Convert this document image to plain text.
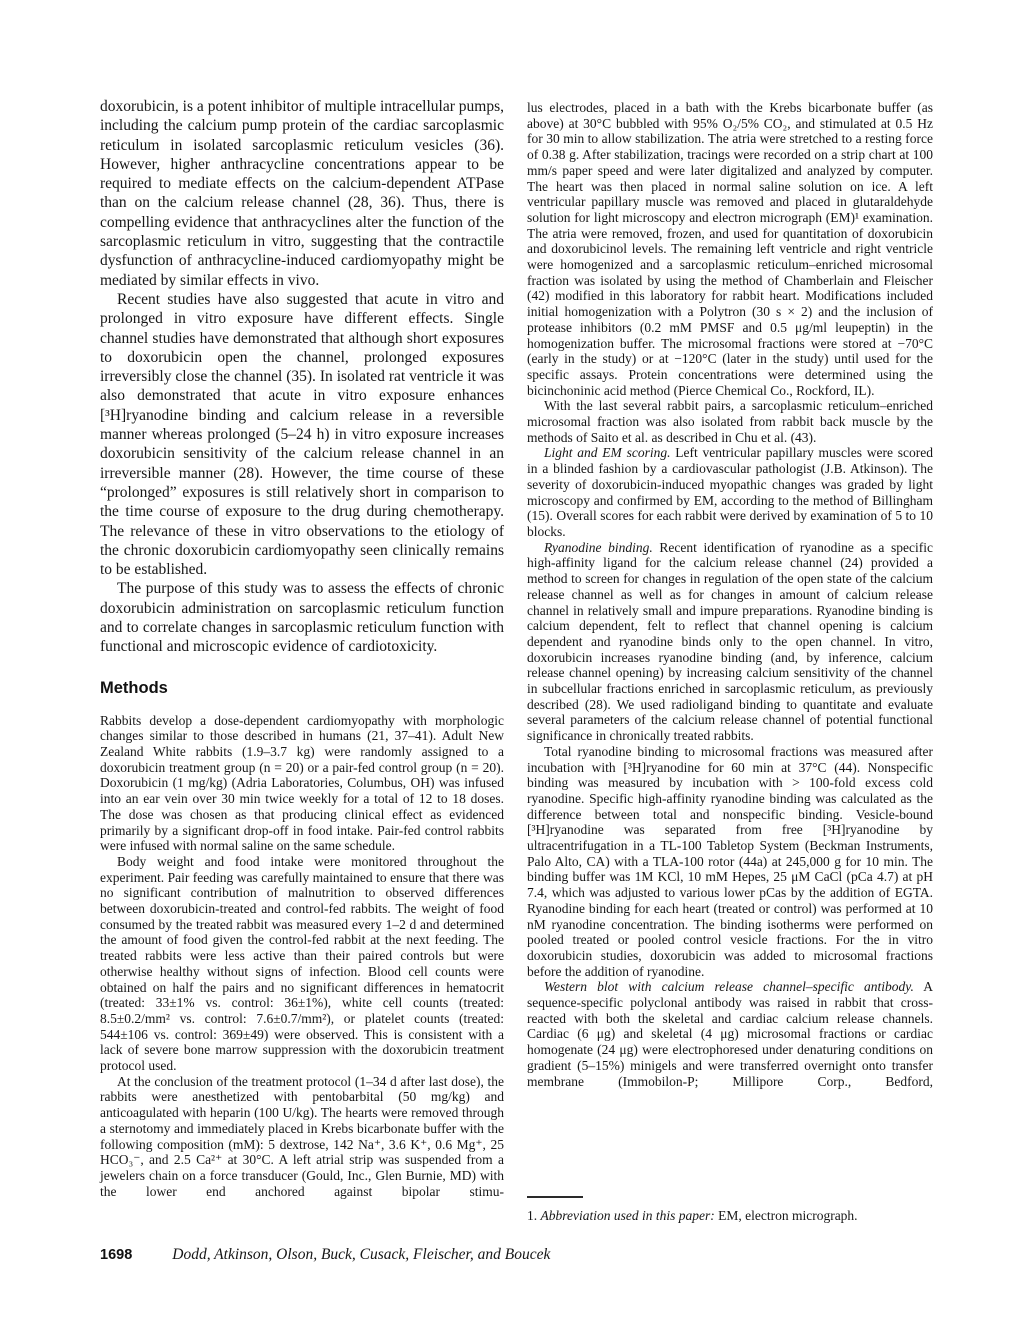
doxorubicin, is a potent inhibitor of multiple intracellular pumps, including the calcium pump protein of the cardiac sarcoplasmic reticulum in isolated sarcoplasmic reticulum vesicles (36). However, higher anthracycline concentrations appear to be required to mediate effects on the calcium-dependent ATPase than on the calcium release channel (28, 36). Thus, there is compelling evidence that anthracyclines alter the function of the sarcoplasmic reticulum in vitro, suggesting that the contractile dysfunction of anthracycline-induced cardiomyopathy might be mediated by similar effects in vivo.

Recent studies have also suggested that acute in vitro and prolonged in vitro exposure have different effects. Single channel studies have demonstrated that although short exposures to doxorubicin open the channel, prolonged exposures irreversibly close the channel (35). In isolated rat ventricle it was also demonstrated that acute in vitro exposure enhances [³H]ryanodine binding and calcium release in a reversible manner whereas prolonged (5–24 h) in vitro exposure increases doxorubicin sensitivity of the calcium release channel in an irreversible manner (28). However, the time course of these “prolonged” exposures is still relatively short in comparison to the time course of exposure to the drug during chemotherapy. The relevance of these in vitro observations to the etiology of the chronic doxorubicin cardiomyopathy seen clinically remains to be established.

The purpose of this study was to assess the effects of chronic doxorubicin administration on sarcoplasmic reticulum function and to correlate changes in sarcoplasmic reticulum function with functional and microscopic evidence of cardiotoxicity.

Methods

Rabbits develop a dose-dependent cardiomyopathy with morphologic changes similar to those described in humans (21, 37–41). Adult New Zealand White rabbits (1.9–3.7 kg) were randomly assigned to a doxorubicin treatment group (n = 20) or a pair-fed control group (n = 20). Doxorubicin (1 mg/kg) (Adria Laboratories, Columbus, OH) was infused into an ear vein over 30 min twice weekly for a total of 12 to 18 doses. The dose was chosen as that producing clinical effect as evidenced primarily by a significant drop-off in food intake. Pair-fed control rabbits were infused with normal saline on the same schedule.

Body weight and food intake were monitored throughout the experiment. Pair feeding was carefully maintained to ensure that there was no significant contribution of malnutrition to observed differences between doxorubicin-treated and control-fed rabbits. The weight of food consumed by the treated rabbit was measured every 1–2 d and determined the amount of food given the control-fed rabbit at the next feeding. The treated rabbits were less active than their paired controls but were otherwise healthy without signs of infection. Blood cell counts were obtained on half the pairs and no significant differences in hematocrit (treated: 33±1% vs. control: 36±1%), white cell counts (treated: 8.5±0.2/mm² vs. control: 7.6±0.7/mm²), or platelet counts (treated: 544±106 vs. control: 369±49) were observed. This is consistent with a lack of severe bone marrow suppression with the doxorubicin treatment protocol used.

At the conclusion of the treatment protocol (1–34 d after last dose), the rabbits were anesthetized with pentobarbital (50 mg/kg) and anticoagulated with heparin (100 U/kg). The hearts were removed through a sternotomy and immediately placed in Krebs bicarbonate buffer with the following composition (mM): 5 dextrose, 142 Na⁺, 3.6 K⁺, 0.6 Mg⁺, 25 HCO₃⁻, and 2.5 Ca²⁺ at 30°C. A left atrial strip was suspended from a jewelers chain on a force transducer (Gould, Inc., Glen Burnie, MD) with the lower end anchored against bipolar stimu-

lus electrodes, placed in a bath with the Krebs bicarbonate buffer (as above) at 30°C bubbled with 95% O₂/5% CO₂, and stimulated at 0.5 Hz for 30 min to allow stabilization. The atria were stretched to a resting force of 0.38 g. After stabilization, tracings were recorded on a strip chart at 100 mm/s paper speed and were later digitalized and analyzed by computer. The heart was then placed in normal saline solution on ice. A left ventricular papillary muscle was removed and placed in glutaraldehyde solution for light microscopy and electron micrograph (EM)¹ examination. The atria were removed, frozen, and used for quantitation of doxorubicin and doxorubicinol levels. The remaining left ventricle and right ventricle were homogenized and a sarcoplasmic reticulum–enriched microsomal fraction was isolated by using the method of Chamberlain and Fleischer (42) modified in this laboratory for rabbit heart. Modifications included initial homogenization with a Polytron (30 s × 2) and the inclusion of protease inhibitors (0.2 mM PMSF and 0.5 μg/ml leupeptin) in the homogenization buffer. The microsomal fractions were stored at −70°C (early in the study) or at −120°C (later in the study) until used for the specific assays. Protein concentrations were determined using the bicinchoninic acid method (Pierce Chemical Co., Rockford, IL).

With the last several rabbit pairs, a sarcoplasmic reticulum–enriched microsomal fraction was also isolated from rabbit back muscle by the methods of Saito et al. as described in Chu et al. (43).

Light and EM scoring. Left ventricular papillary muscles were scored in a blinded fashion by a cardiovascular pathologist (J.B. Atkinson). The severity of doxorubicin-induced myopathic changes was graded by light microscopy and confirmed by EM, according to the method of Billingham (15). Overall scores for each rabbit were derived by examination of 5 to 10 blocks.

Ryanodine binding. Recent identification of ryanodine as a specific high-affinity ligand for the calcium release channel (24) provided a method to screen for changes in regulation of the open state of the calcium release channel as well as for changes in amount of calcium release channel in relatively small and impure preparations. Ryanodine binding is calcium dependent, felt to reflect that channel opening is calcium dependent and ryanodine binds only to the open channel. In vitro, doxorubicin increases ryanodine binding (and, by inference, calcium release channel opening) by increasing calcium sensitivity of the channel in subcellular fractions enriched in sarcoplasmic reticulum, as previously described (28). We used radioligand binding to quantitate and evaluate several parameters of the calcium release channel of potential functional significance in chronically treated rabbits.

Total ryanodine binding to microsomal fractions was measured after incubation with [³H]ryanodine for 60 min at 37°C (44). Nonspecific binding was measured by incubation with > 100-fold excess cold ryanodine. Specific high-affinity ryanodine binding was calculated as the difference between total and nonspecific binding. Vesicle-bound [³H]ryanodine was separated from free [³H]ryanodine by ultracentrifugation in a TL-100 Tabletop System (Beckman Instruments, Palo Alto, CA) with a TLA-100 rotor (44a) at 245,000 g for 10 min. The binding buffer was 1M KCl, 10 mM Hepes, 25 μM CaCl (pCa 4.7) at pH 7.4, which was adjusted to various lower pCas by the addition of EGTA. Ryanodine binding for each heart (treated or control) was performed at 10 nM ryanodine concentration. The binding isotherms were performed on pooled treated or pooled control vesicle fractions. For the in vitro doxorubicin studies, doxorubicin was added to microsomal fractions before the addition of ryanodine.

Western blot with calcium release channel–specific antibody. A sequence-specific polyclonal antibody was raised in rabbit that cross-reacted with both the skeletal and cardiac calcium release channels. Cardiac (6 μg) and skeletal (4 μg) microsomal fractions or cardiac homogenate (24 μg) were electrophoresed under denaturing conditions on gradient (5–15%) minigels and were transferred overnight onto transfer membrane (Immobilon-P; Millipore Corp., Bedford,

1. Abbreviation used in this paper: EM, electron micrograph.

1698	Dodd, Atkinson, Olson, Buck, Cusack, Fleischer, and Boucek
